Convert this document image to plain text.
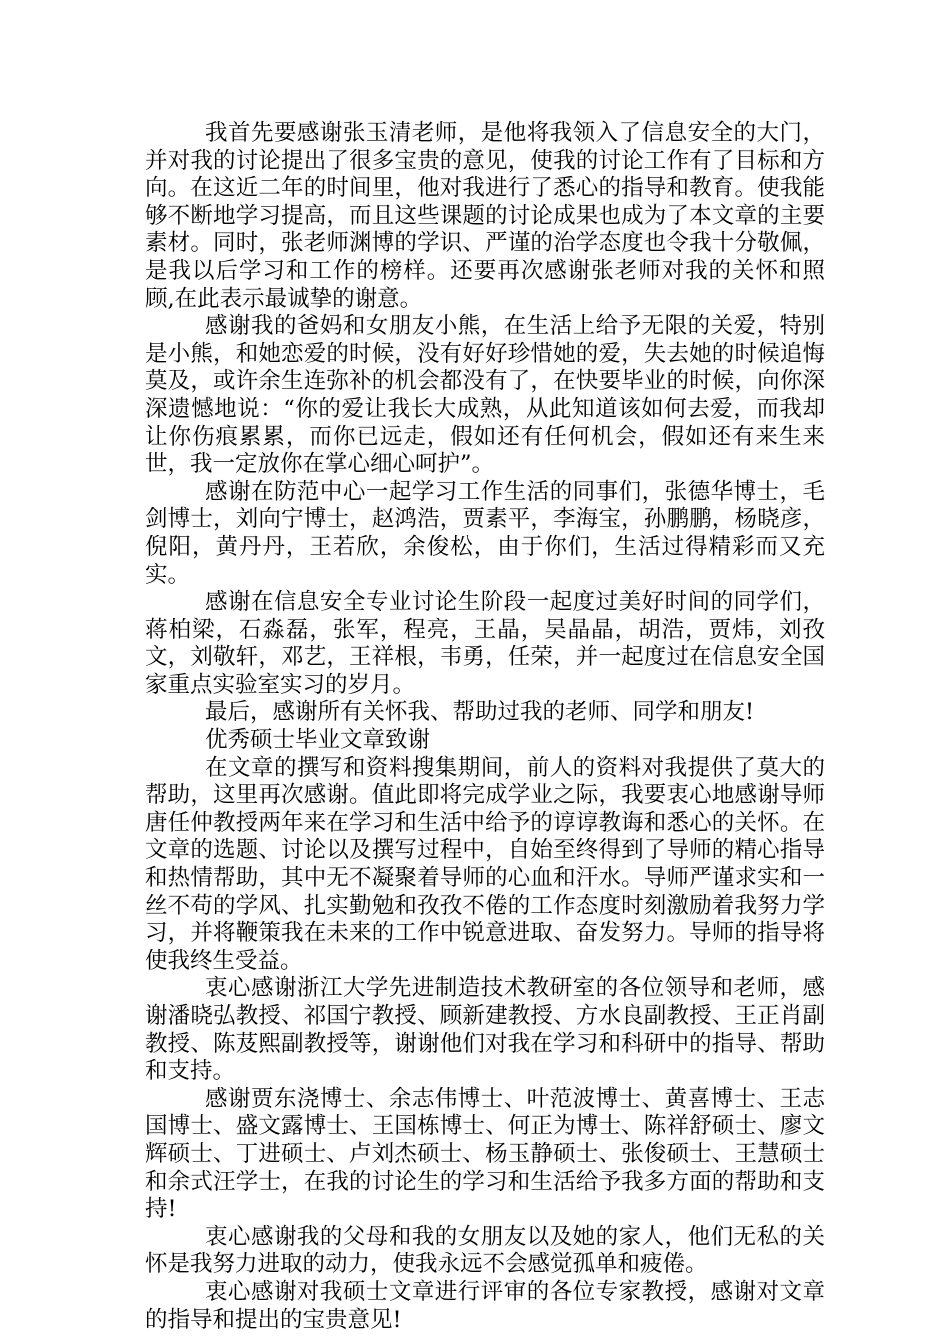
我首先要感谢张玉清老师，是他将我领入了信息安全的大门，并对我的讨论提出了很多宝贵的意见，使我的讨论工作有了目标和方向。在这近二年的时间里，他对我进行了悉心的指导和教育。使我能够不断地学习提高，而且这些课题的讨论成果也成为了本文章的主要素材。同时，张老师渊博的学识、严谨的治学态度也令我十分敬佩，是我以后学习和工作的榜样。还要再次感谢张老师对我的关怀和照顾,在此表示最诚挚的谢意。

感谢我的爸妈和女朋友小熊，在生活上给予无限的关爱，特别是小熊，和她恋爱的时候，没有好好珍惜她的爱，失去她的时候追悔莫及，或许余生连弥补的机会都没有了，在快要毕业的时候，向你深深遗憾地说：“你的爱让我长大成熟，从此知道该如何去爱，而我却让你伤痕累累，而你已远走，假如还有任何机会，假如还有来生来世，我一定放你在掌心细心呵护”。

感谢在防范中心一起学习工作生活的同事们，张德华博士，毛剑博士，刘向宁博士，赵鸿浩，贾素平，李海宝，孙鹏鹏，杨晓彦，倪阳，黄丹丹，王若欣，余俊松，由于你们，生活过得精彩而又充实。

感谢在信息安全专业讨论生阶段一起度过美好时间的同学们，蒋柏梁，石淼磊，张军，程亮，王晶，吴晶晶，胡浩，贾炜，刘孜文，刘敬轩，邓艺，王祥根，韦勇，任荣，并一起度过在信息安全国家重点实验室实习的岁月。

最后，感谢所有关怀我、帮助过我的老师、同学和朋友!

优秀硕士毕业文章致谢

在文章的撰写和资料搜集期间，前人的资料对我提供了莫大的帮助，这里再次感谢。值此即将完成学业之际，我要衷心地感谢导师唐任仲教授两年来在学习和生活中给予的谆谆教诲和悉心的关怀。在文章的选题、讨论以及撰写过程中，自始至终得到了导师的精心指导和热情帮助，其中无不凝聚着导师的心血和汗水。导师严谨求实和一丝不苟的学风、扎实勤勉和孜孜不倦的工作态度时刻激励着我努力学习，并将鞭策我在未来的工作中锐意进取、奋发努力。导师的指导将使我终生受益。

衷心感谢浙江大学先进制造技术教研室的各位领导和老师，感谢潘晓弘教授、祁国宁教授、顾新建教授、方水良副教授、王正肖副教授、陈芨熙副教授等，谢谢他们对我在学习和科研中的指导、帮助和支持。

感谢贾东浇博士、余志伟博士、叶范波博士、黄喜博士、王志国博士、盛文露博士、王国栋博士、何正为博士、陈祥舒硕士、廖文辉硕士、丁进硕士、卢刘杰硕士、杨玉静硕士、张俊硕士、王慧硕士和余式汪学士，在我的讨论生的学习和生活给予我多方面的帮助和支持!

衷心感谢我的父母和我的女朋友以及她的家人，他们无私的关怀是我努力进取的动力，使我永远不会感觉孤单和疲倦。

衷心感谢对我硕士文章进行评审的各位专家教授，感谢对文章的指导和提出的宝贵意见!
